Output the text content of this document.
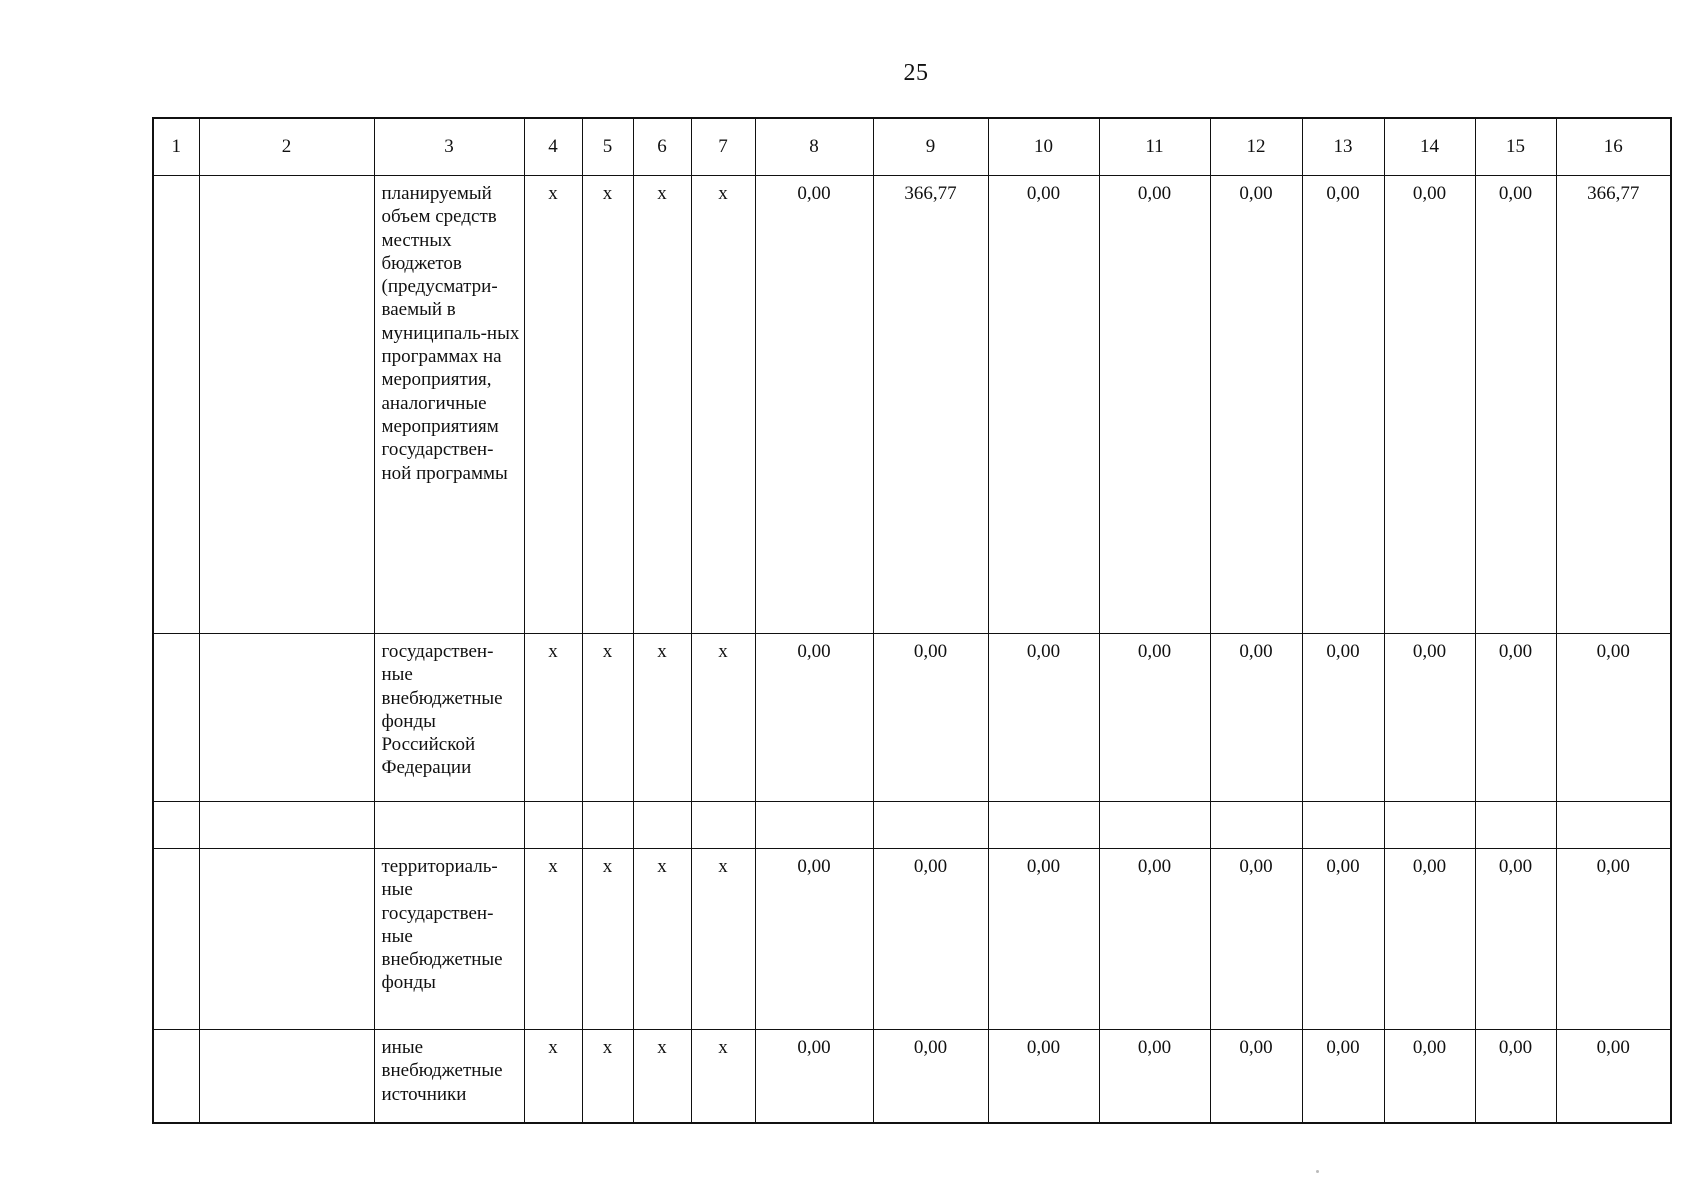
25
1	2	3	4	5	6	7	8	9	10	11	12	13	14	15	16
		планируемый объем средств местных бюджетов (предусматри-ваемый в муниципаль-ных программах на мероприятия, аналогичные мероприятиям государствен-ной программы	x	x	x	x	0,00	366,77	0,00	0,00	0,00	0,00	0,00	0,00	366,77
		государствен-ные внебюджетные фонды Российской Федерации	x	x	x	x	0,00	0,00	0,00	0,00	0,00	0,00	0,00	0,00	0,00

		территориаль-ные государствен-ные внебюджетные фонды	x	x	x	x	0,00	0,00	0,00	0,00	0,00	0,00	0,00	0,00	0,00
		иные внебюджетные источники	x	x	x	x	0,00	0,00	0,00	0,00	0,00	0,00	0,00	0,00	0,00
